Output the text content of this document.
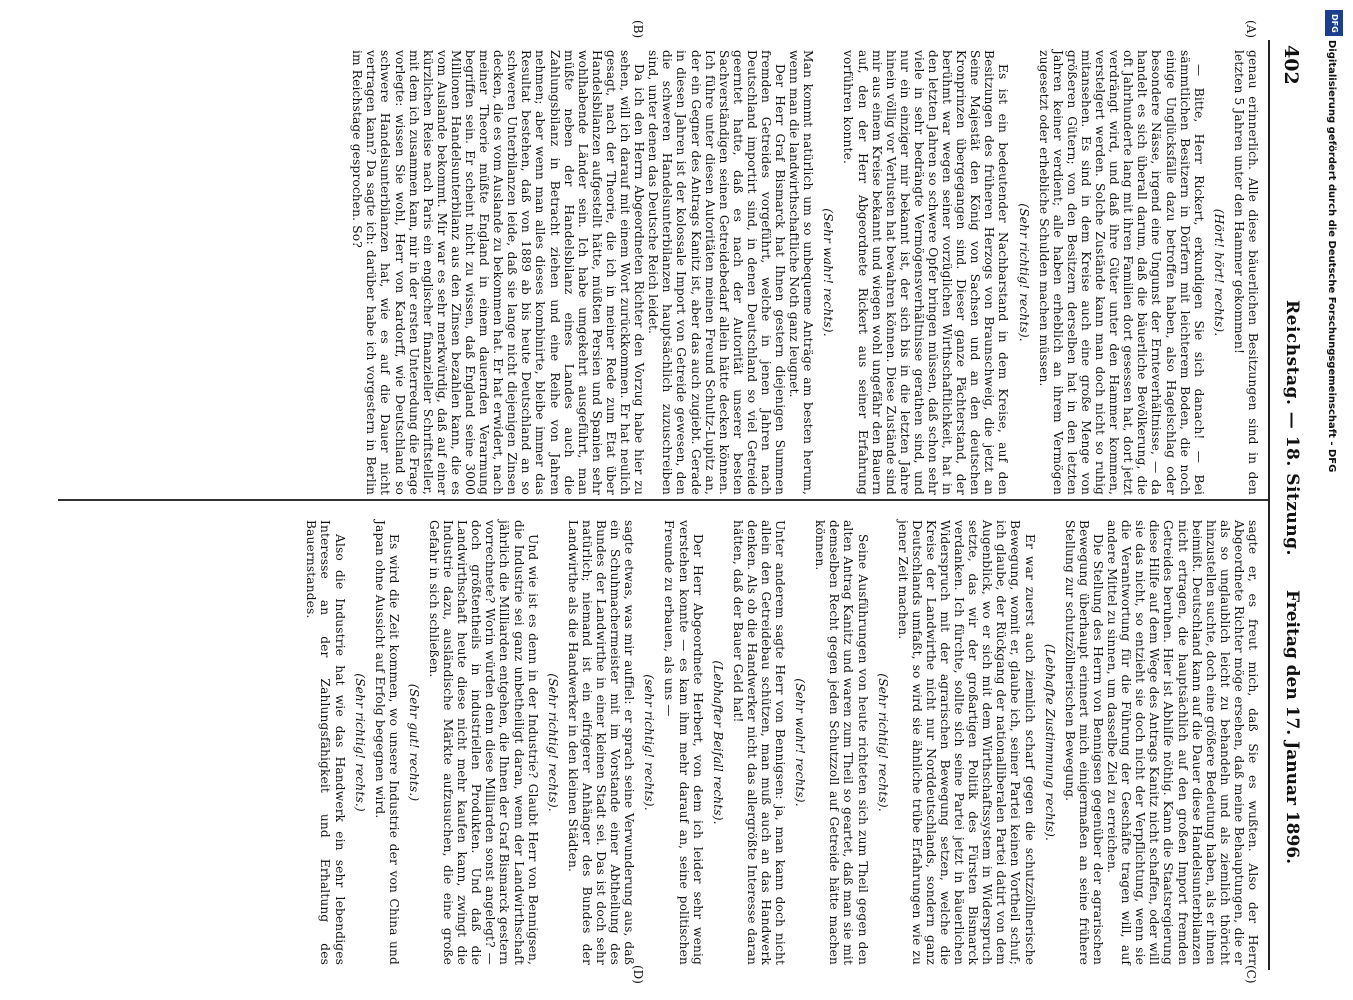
402
Reichstag. — 18. Sitzung.
Freitag den 17. Januar 1896.
(A)
(B)
(C)
(D)

genau erinnerlich. Alle diese bäuerlichen Besitzungen sind in den letzten 5 Jahren unter den Hammer gekommen!

(Hört! hört! rechts).

— Bitte, Herr Rickert, erkundigen Sie sich danach! — Bei sämmtlichen Besitzern in Dörfern mit leichterem Boden, die noch einige Unglücksfälle dazu betroffen haben, also Hagelschlag oder besondere Nässe, irgend eine Ungunst der Ernteverhältnisse, — da handelt es sich überall darum, daß die bäuerliche Bevölkerung, die oft Jahrhunderte lang mit ihren Familien dort gesessen hat, dort jetzt verdrängt wird, und daß ihre Güter unter den Hammer kommen, verstelgert werden. Solche Zustände kann man doch nicht so ruhig mitansehen. Es sind in dem Kreise auch eine große Menge von größeren Gütern; von den Besitzern derselben hat in den letzten Jahren keiner verdient; alle haben erheblich an ihrem Vermögen zugesetzt oder erhebliche Schulden machen müssen.

(Sehr richtig! rechts).

Es ist ein bedeutender Nachbarstand in dem Kreise, auf den Besitzungen des früheren Herzogs von Braunschweig, die jetzt an Seine Majestät den König von Sachsen und an den deutschen Kronprinzen übergegangen sind. Dieser ganze Pächterstand, der berühmt war wegen seiner vorzüglichen Wirthschaftlichkeit, hat in den letzten Jahren so schwere Opfer bringen müssen, daß schon sehr viele in sehr bedrängte Vermögensverhältnisse gerathen sind, und nur ein einziger mir bekannt ist, der sich bis in die letzten Jahre hinein völlig vor Verlusten hat bewahren können. Diese Zustände sind mir aus einem Kreise bekannt und wiegen wohl ungefähr den Bauern auf, den der Herr Abgeordnete Rickert aus seiner Erfahrung vorführen konnte.

(Sehr wahr! rechts).

Man kommt natürlich um so unbequeme Anträge am besten herum, wenn man die landwirthschaftliche Noth ganz leugnet.

Der Herr Graf Bismarck hat Ihnen gestern diejenigen Summen fremden Getreides vorgeführt, welche in jenen Jahren nach Deutschland importirt sind, in denen Deutschland so viel Getreide geerntet hatte, daß es nach der Autorität unserer besten Sachverständigen seinen Getreidebedarf allein hätte decken können. Ich führe unter diesen Autoritäten meinen Freund Schultz-Lupitz an, der ein Gegner des Antrags Kanitz ist, aber das auch zugiebt. Gerade in diesen Jahren ist der kolossale Import von Getreide gewesen, den die schweren Handelsunterbilanzen hauptsächlich zuzuschreiben sind, unter denen das Deutsche Reich leidet.

Da ich den Herrn Abgeordneten Richter den Vorzug habe hier zu sehen, will ich darauf mit einem Wort zurückkommen. Er hat neulich gesagt, nach der Theorie, die ich in meiner Rede zum Etat über Handelsbilanzen aufgestellt hätte, müßten Persien und Spanien sehr wohlhabende Länder sein. Ich habe umgekehrt ausgeführt, man müßte neben der Handelsbilanz eines Landes auch die Zahlungsbilanz in Betracht ziehen und eine Reihe von Jahren nehmen; aber wenn man alles dieses kombinirte, bleibe immer das Resultat bestehen, daß von 1889 ab bis heute Deutschland an so schweren Unterbilanzen leide, daß sie lange nicht diejenigen Zinsen decken, die es vom Auslande zu bekommen hat. Er hat erwidert, nach meiner Theorie müßte England in einem dauernden Verarmung begriffen sein. Er scheint nicht zu wissen, daß England seine 3000 Millionen Handelsunterbilanz aus den Zinsen bezahlen kann, die es vom Auslande bekommt. Mir war es sehr merkwürdig, daß auf einer kürzlichen Reise nach Paris ein englischer finanzieller Schriftsteller, mit dem ich zusammen kam, mir in der ersten Unterredung die Frage vorlegte: wissen Sie wohl, Herr von Kardorff, wie Deutschland so schwere Handelsunterbilanzen hat, wie es auf die Dauer nicht vertragen kann? Da sagte ich: darüber habe ich vorgestern in Berlin im Reichstage gesprochen. So?

sagte er, es freut mich, daß Sie es wußten. Also der Herr Abgeordnete Richter möge ersehen, daß meine Behauptungen, die er als so unglaublich leicht zu behandeln und als ziemlich thöricht hinzustellen suchte, doch eine größere Bedeutung haben, als er ihnen beimißt. Deutschland kann auf die Dauer diese Handelsunterbilanzen nicht ertragen, die hauptsächlich auf den großen Import fremden Getreides beruhen. Hier ist Abhilfe nöthig. Kann die Staatsregierung diese Hilfe auf dem Wege des Antrags Kanitz nicht schaffen, oder will sie das nicht, so entzieht sie doch nicht der Verpflichtung, wenn sie die Verantwortung für die Führung der Geschäfte tragen will, auf andere Mittel zu sinnen, um dasselbe Ziel zu erreichen.

Die Stellung des Herrn von Bennigsen gegenüber der agrarischen Bewegung überhaupt erinnert mich einigermaßen an seine frühere Stellung zur schutzzöllnerischen Bewegung.

(Lebhafte Zustimmung rechts).

Er war zuerst auch ziemlich scharf gegen die schutzzöllnerische Bewegung, womit er, glaube ich, seiner Partei keinen Vortheil schuf; ich glaube, der Rückgang der nationalliberalen Partei datirt von dem Augenblick, wo er sich mit dem Wirthschaftssystem in Widerspruch setzte, das wir der großartigen Politik des Fürsten Bismarck verdanken. Ich fürchte, sollte sich seine Partei jetzt in bäuerlichen Widerspruch mit der agrarischen Bewegung setzen, welche die Kreise der Landwirthe nicht nur Norddeutschlands, sondern ganz Deutschlands umfaßt, so wird sie ähnliche trübe Erfahrungen wie zu jener Zeit machen.

(Sehr richtig! rechts).

Seine Ausführungen von heute richteten sich zum Theil gegen den alten Antrag Kanitz und waren zum Theil so geartet, daß man sie mit demselben Recht gegen jeden Schutzzoll auf Getreide hätte machen können.

(Sehr wahr! rechts).

Unter anderem sagte Herr von Bennigsen: ja, man kann doch nicht allein den Getreidebau schützen, man muß auch an das Handwerk denken. Als ob die Handwerker nicht das allergrößte Interesse daran hätten, daß der Bauer Geld hat!

(Lebhafter Beifall rechts).

Der Herr Abgeordnete Herbert, von dem ich leider sehr wenig verstehen konnte — es kam ihm mehr darauf an, seine politischen Freunde zu erbauen, als uns —

(sehr richtig! rechts).

sagte etwas, was mir auffiel: er sprach seine Verwunderung aus, daß ein Schuhmachermeister mit im Vorstande einer Abtheilung des Bundes der Landwirthe in einer kleinen Stadt sei. Das ist doch sehr natürlich; niemand ist ein eifrigerer Anhänger des Bundes der Landwirthe als die Handwerker in den kleinen Städten.

(Sehr richtig! rechts).

Und wie ist es denn in der Industrie? Glaubt Herr von Bennigsen, die Industrie sei ganz unbetheiligt daran, wenn der Landwirthschaft jährlich die Milliarden entgehen, die Ihnen der Graf Bismarck gestern vorrechnete? Worin würden denn diese Milliarden sonst angelegt? — doch größtentheils in industriellen Produkten. Und daß die Landwirthschaft heute diese nicht mehr kaufen kann, zwingt die Industrie dazu, ausländische Märkte aufzusuchen, die eine große Gefahr in sich schließen.

(Sehr gut! rechts.)

Es wird die Zeit kommen, wo unsere Industrie der von China und Japan ohne Aussicht auf Erfolg begegnen wird.

(Sehr richtig! rechts.)

Also die Industrie hat wie das Handwerk ein sehr lebendiges Interesse an der Zahlungsfähigkeit und Erhaltung des Bauernstandes.

DFG
Digitalisierung gefördert durch die Deutsche Forschungsgemeinschaft - DFG
